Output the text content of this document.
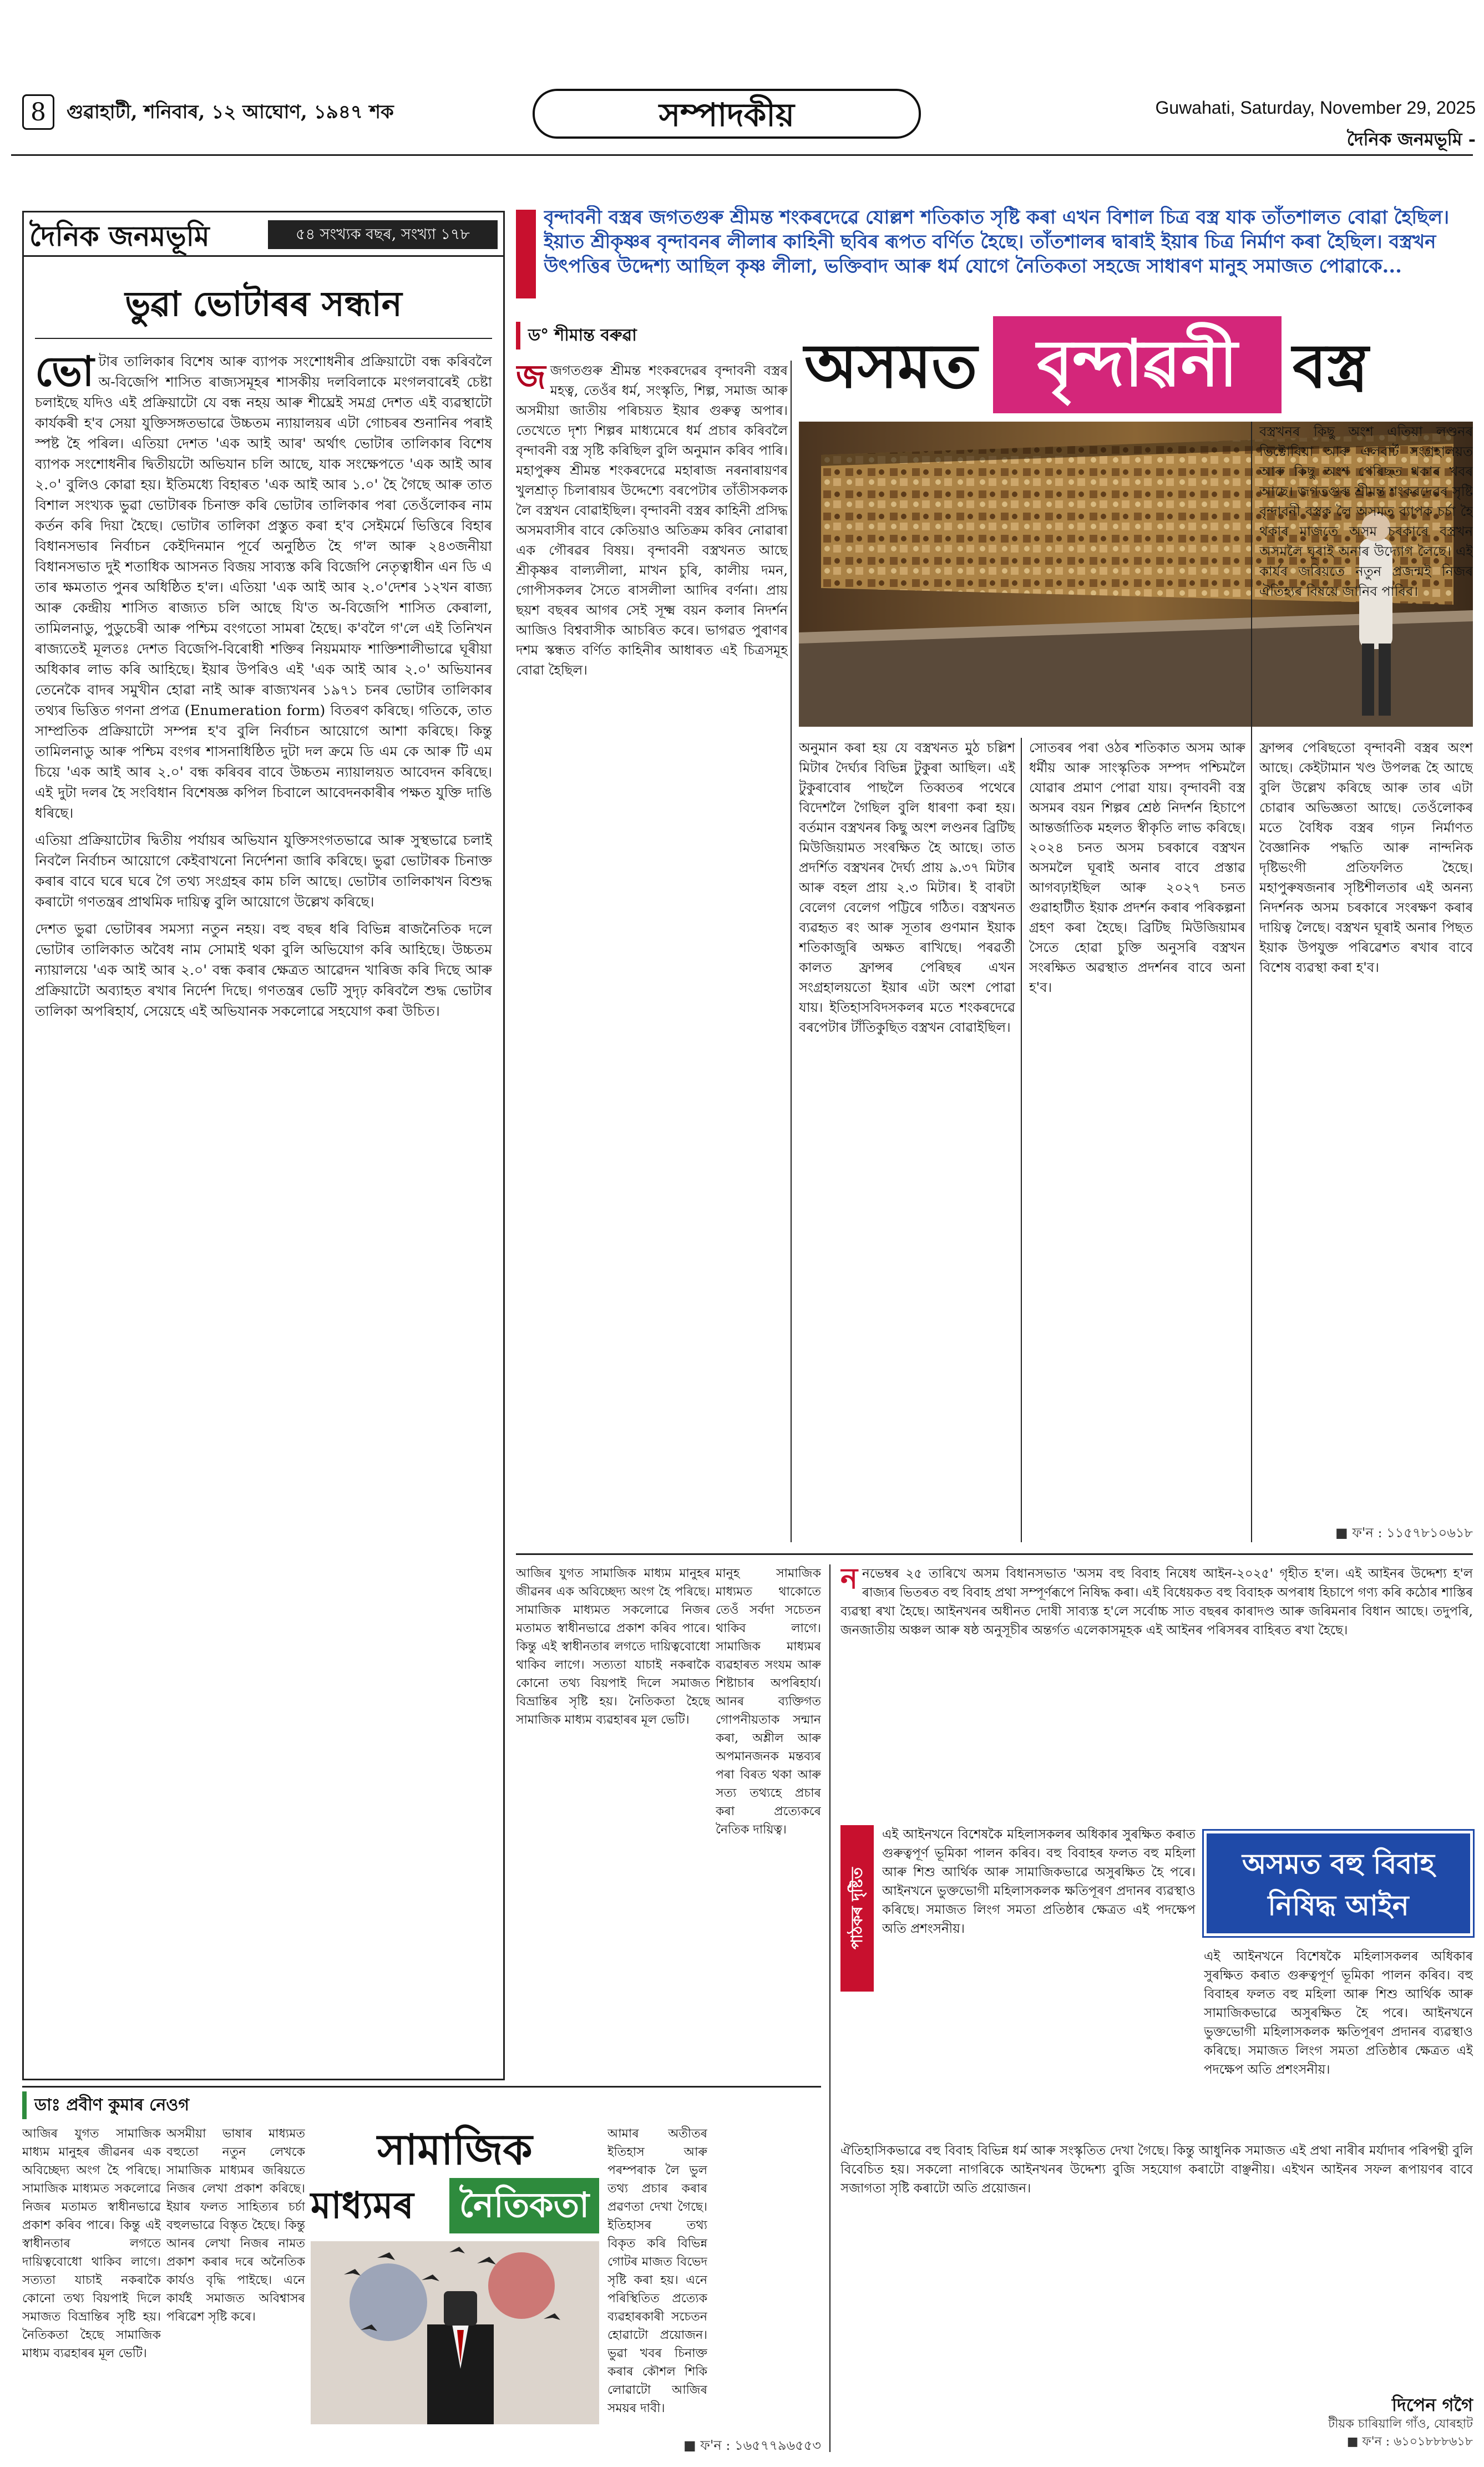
8	গুৱাহাটী, শনিবাৰ, ১২ আঘোণ, ১৯৪৭ শক	সম্পাদকীয়	Guwahati, Saturday, November 29, 2025
দৈনিক জনমভূমি -
দৈনিক জনমভূমি	৫৪ সংখ্যক বছৰ, সংখ্যা ১৭৮
ভুৱা ভোটাৰৰ সন্ধান
ভো টাৰ তালিকাৰ বিশেষ আৰু ব্যাপক সংশোধনীৰ প্ৰক্ৰিয়াটো বন্ধ কৰিবলৈ অ-বিজেপি শাসিত ৰাজ্যসমূহৰ শাসকীয় দলবিলাকে মংগলবাৰেই চেষ্টা চলাইছে যদিও এই প্ৰক্ৰিয়াটো যে বন্ধ নহয় আৰু শীঘ্ৰেই সমগ্ৰ দেশত এই ব্যৱস্থাটো কাৰ্যকৰী হ'ব সেয়া যুক্তিসঙ্গতভাৱে উচ্চতম ন্যায়ালয়ৰ এটা গোচৰৰ শুনানিৰ পৰাই স্পষ্ট হৈ পৰিল। এতিয়া দেশত 'এক আই আৰ' অৰ্থাৎ ভোটাৰ তালিকাৰ বিশেষ ব্যাপক সংশোধনীৰ দ্বিতীয়টো অভিযান চলি আছে, যাক সংক্ষেপতে 'এক আই আৰ ২.০' বুলিও কোৱা হয়। ইতিমধ্যে বিহাৰত 'এক আই আৰ ১.০' হৈ গৈছে আৰু তাত বিশাল সংখ্যক ভুৱা ভোটাৰক চিনাক্ত কৰি ভোটাৰ তালিকাৰ পৰা তেওঁলোকৰ নাম কৰ্তন কৰি দিয়া হৈছে। ভোটাৰ তালিকা প্ৰস্তুত কৰা হ'ব সেইমৰ্মে ভিত্তিৰে বিহাৰ বিধানসভাৰ নিৰ্বাচন কেইদিনমান পূৰ্বে অনুষ্ঠিত হৈ গ'ল আৰু ২৪৩জনীয়া বিধানসভাত দুই শতাধিক আসনত বিজয় সাব্যস্ত কৰি বিজেপি নেতৃত্বাধীন এন ডি এ তাৰ ক্ষমতাত পুনৰ অধিষ্ঠিত হ'ল। এতিয়া 'এক আই আৰ ২.০'দেশৰ ১২খন ৰাজ্য আৰু কেন্দ্ৰীয় শাসিত ৰাজ্যত চলি আছে যি'ত অ-বিজেপি শাসিত কেৰালা, তামিলনাডু, পুডুচেৰী আৰু পশ্চিম বংগতো সামৰা হৈছে। ক'বলৈ গ'লে এই তিনিখন ৰাজ্যতেই মূলতঃ দেশত বিজেপি-বিৰোধী শক্তিৰ নিয়মমাফ শাক্তিশালীভাৱে ঘূৰীয়া অধিকাৰ লাভ কৰি আহিছে। ইয়াৰ উপৰিও এই 'এক আই আৰ ২.০' অভিযানৰ তেনেকৈ বাদৰ সমুখীন হোৱা নাই আৰু ৰাজ্যখনৰ ১৯৭১ চনৰ ভোটাৰ তালিকাৰ তথ্যৰ ভিত্তিত গণনা প্ৰপত্ৰ (Enumeration form) বিতৰণ কৰিছে। গতিকে, তাত সাম্প্ৰতিক প্ৰক্ৰিয়াটো সম্পন্ন হ'ব বুলি নিৰ্বাচন আয়োগে আশা কৰিছে। কিন্তু তামিলনাডু আৰু পশ্চিম বংগৰ শাসনাধিষ্ঠিত দুটা দল ক্ৰমে ডি এম কে আৰু টি এম চিয়ে 'এক আই আৰ ২.০' বন্ধ কৰিবৰ বাবে উচ্চতম ন্যায়ালয়ত আবেদন কৰিছে। এই দুটা দলৰ হৈ সংবিধান বিশেষজ্ঞ কপিল চিবালে আবেদনকাৰীৰ পক্ষত যুক্তি দাঙি ধৰিছে।

এতিয়া প্ৰক্ৰিয়াটোৰ দ্বিতীয় পৰ্যায়ৰ অভিযান যুক্তিসংগতভাৱে আৰু সুস্থভাৱে চলাই নিবলৈ নিৰ্বাচন আয়োগে কেইবাখনো নিৰ্দেশনা জাৰি কৰিছে। ভুৱা ভোটাৰক চিনাক্ত কৰাৰ বাবে ঘৰে ঘৰে গৈ তথ্য সংগ্ৰহৰ কাম চলি আছে। ভোটাৰ তালিকাখন বিশুদ্ধ কৰাটো গণতন্ত্ৰৰ প্ৰাথমিক দায়িত্ব বুলি আয়োগে উল্লেখ কৰিছে।

দেশত ভুৱা ভোটাৰৰ সমস্যা নতুন নহয়। বহু বছৰ ধৰি বিভিন্ন ৰাজনৈতিক দলে ভোটাৰ তালিকাত অবৈধ নাম সোমাই থকা বুলি অভিযোগ কৰি আহিছে। উচ্চতম ন্যায়ালয়ে 'এক আই আৰ ২.০' বন্ধ কৰাৰ ক্ষেত্ৰত আৱেদন খাৰিজ কৰি দিছে আৰু প্ৰক্ৰিয়াটো অব্যাহত ৰখাৰ নিৰ্দেশ দিছে। গণতন্ত্ৰৰ ভেটি সুদৃঢ় কৰিবলৈ শুদ্ধ ভোটাৰ তালিকা অপৰিহাৰ্য, সেয়েহে এই অভিযানক সকলোৱে সহযোগ কৰা উচিত।

বৃন্দাবনী বস্ত্ৰৰ জগতগুৰু শ্ৰীমন্ত শংকৰদেৱে যোল্লশ শতিকাত সৃষ্টি কৰা এখন বিশাল চিত্ৰ বস্ত্ৰ যাক তাঁতশালত বোৱা হৈছিল। ইয়াত শ্ৰীকৃষ্ণৰ বৃন্দাবনৰ লীলাৰ কাহিনী ছবিৰ ৰূপত বৰ্ণিত হৈছে। তাঁতশালৰ দ্বাৰাই ইয়াৰ চিত্ৰ নিৰ্মাণ কৰা হৈছিল। বস্ত্ৰখন উৎপত্তিৰ উদ্দেশ্য আছিল কৃষ্ণ লীলা, ভক্তিবাদ আৰু ধৰ্ম যোগে নৈতিকতা সহজে সাধাৰণ মানুহ সমাজত পোৱাকে...
ড° শীমান্ত বৰুৱা	অসমত বৃন্দাৱনী বস্ত্ৰ
জজগতগুৰু শ্ৰীমন্ত শংকৰদেৱৰ বৃন্দাবনী বস্ত্ৰৰ মহত্ব, তেওঁৰ ধৰ্ম, সংস্কৃতি, শিল্প, সমাজ আৰু অসমীয়া জাতীয় পৰিচয়ত ইয়াৰ গুৰুত্ব অপাৰ। তেখেতে দৃশ্য শিল্পৰ মাধ্যমেৰে ধৰ্ম প্ৰচাৰ কৰিবলৈ বৃন্দাবনী বস্ত্ৰ সৃষ্টি কৰিছিল বুলি অনুমান কৰিব পাৰি। মহাপুৰুষ শ্ৰীমন্ত শংকৰদেৱে মহাৰাজ নৰনাৰায়ণৰ খুলশ্ৰাতৃ চিলাৰায়ৰ উদ্দেশ্যে বৰপেটাৰ তাঁতীসকলক লৈ বস্ত্ৰখন বোৱাইছিল। বৃন্দাবনী বস্ত্ৰৰ কাহিনী প্ৰসিদ্ধ অসমবাসীৰ বাবে কেতিয়াও অতিক্ৰম কৰিব নোৱাৰা এক গৌৰৱৰ বিষয়। বৃন্দাবনী বস্ত্ৰখনত আছে শ্ৰীকৃষ্ণৰ বাল্যলীলা, মাখন চুৰি, কালীয় দমন, গোপীসকলৰ সৈতে ৰাসলীলা আদিৰ বৰ্ণনা। প্ৰায় ছয়শ বছৰৰ আগৰ সেই সূক্ষ্ম বয়ন কলাৰ নিদৰ্শন আজিও বিশ্ববাসীক আচৰিত কৰে। ভাগৱত পুৰাণৰ দশম স্কন্ধত বৰ্ণিত কাহিনীৰ আধাৰত এই চিত্ৰসমূহ বোৱা হৈছিল।
অনুমান কৰা হয় যে বস্ত্ৰখনত মুঠ চল্লিশ মিটাৰ দৈৰ্ঘ্যৰ বিভিন্ন টুকুৰা আছিল। এই টুকুৰাবোৰ পাছলৈ তিব্বতৰ পথেৰে বিদেশলৈ গৈছিল বুলি ধাৰণা কৰা হয়। বৰ্তমান বস্ত্ৰখনৰ কিছু অংশ লণ্ডনৰ ব্ৰিটিছ মিউজিয়ামত সংৰক্ষিত হৈ আছে। তাত প্ৰদৰ্শিত বস্ত্ৰখনৰ দৈৰ্ঘ্য প্ৰায় ৯.৩৭ মিটাৰ আৰু বহল প্ৰায় ২.৩ মিটাৰ। ই বাৰটা বেলেগ বেলেগ পট্টিৰে গঠিত। বস্ত্ৰখনত ব্যৱহৃত ৰং আৰু সূতাৰ গুণমান ইয়াক শতিকাজুৰি অক্ষত ৰাখিছে। পৰৱৰ্তী কালত ফ্ৰান্সৰ পেৰিছৰ এখন সংগ্ৰহালয়তো ইয়াৰ এটা অংশ পোৱা যায়। ইতিহাসবিদসকলৰ মতে শংকৰদেৱে বৰপেটাৰ টাঁতিকুছিত বস্ত্ৰখন বোৱাইছিল।
সোতৰৰ পৰা ওঠৰ শতিকাত অসম আৰু ধৰ্মীয় আৰু সাংস্কৃতিক সম্পদ পশ্চিমলৈ যোৱাৰ প্ৰমাণ পোৱা যায়। বৃন্দাবনী বস্ত্ৰ অসমৰ বয়ন শিল্পৰ শ্ৰেষ্ঠ নিদৰ্শন হিচাপে আন্তৰ্জাতিক মহলত স্বীকৃতি লাভ কৰিছে। ২০২৪ চনত অসম চৰকাৰে বস্ত্ৰখন অসমলৈ ঘূৰাই অনাৰ বাবে প্ৰস্তাৱ আগবঢ়াইছিল আৰু ২০২৭ চনত গুৱাহাটীত ইয়াক প্ৰদৰ্শন কৰাৰ পৰিকল্পনা গ্ৰহণ কৰা হৈছে। ব্ৰিটিছ মিউজিয়ামৰ সৈতে হোৱা চুক্তি অনুসৰি বস্ত্ৰখন সংৰক্ষিত অৱস্থাত প্ৰদৰ্শনৰ বাবে অনা হ'ব।
বস্ত্ৰখনৰ কিছু অংশ এতিয়া লণ্ডনৰ ভিক্টোৰিয়া আৰু এলবাৰ্ট সংগ্ৰহালয়ত আৰু কিছু অংশ পেৰিছত থকাৰ খবৰ আছে। জগতগুৰু শ্ৰীমন্ত শংকৰদেৱৰ সৃষ্টি বৃন্দাবনী বস্ত্ৰক লৈ অসমত ব্যাপক চৰ্চা হৈ থকাৰ মাজতে অসম চৰকাৰে বস্ত্ৰখন অসমলৈ ঘূৰাই অনাৰ উদ্যোগ লৈছে। এই কাৰ্যৰ জৰিয়তে নতুন প্ৰজন্মই নিজৰ ঐতিহ্যৰ বিষয়ে জানিব পাৰিব।
ফ্ৰান্সৰ পেৰিছতো বৃন্দাবনী বস্ত্ৰৰ অংশ আছে। কেইটামান খণ্ড উপলব্ধ হৈ আছে বুলি উল্লেখ কৰিছে আৰু তাৰ এটা চোৱাৰ অভিজ্ঞতা আছে। তেওঁলোকৰ মতে বৈধিক বস্ত্ৰৰ গঢ়ন নিৰ্মাণত বৈজ্ঞানিক পদ্ধতি আৰু নান্দনিক দৃষ্টিভংগী প্ৰতিফলিত হৈছে। মহাপুৰুষজনাৰ সৃষ্টিশীলতাৰ এই অনন্য নিদৰ্শনক অসম চৰকাৰে সংৰক্ষণ কৰাৰ দায়িত্ব লৈছে। বস্ত্ৰখন ঘূৰাই অনাৰ পিছত ইয়াক উপযুক্ত পৰিৱেশত ৰখাৰ বাবে বিশেষ ব্যৱস্থা কৰা হ'ব।
■ ফ'ন : ১১৫৭৮১০৬১৮
ডাঃ প্ৰবীণ কুমাৰ নেওগ
সামাজিক
মাধ্যমৰ	নৈতিকতা
আজিৰ যুগত সামাজিক মাধ্যম মানুহৰ জীৱনৰ এক অবিচ্ছেদ্য অংগ হৈ পৰিছে। সামাজিক মাধ্যমত সকলোৱে নিজৰ মতামত স্বাধীনভাৱে প্ৰকাশ কৰিব পাৰে। কিন্তু এই স্বাধীনতাৰ লগতে দায়িত্ববোধো থাকিব লাগে। সত্যতা যাচাই নকৰাকৈ কোনো তথ্য বিয়পাই দিলে সমাজত বিভ্ৰান্তিৰ সৃষ্টি হয়। নৈতিকতা হৈছে সামাজিক মাধ্যম ব্যৱহাৰৰ মূল ভেটি।
অসমীয়া ভাষাৰ মাধ্যমত বহুতো নতুন লেখকে সামাজিক মাধ্যমৰ জৰিয়তে নিজৰ লেখা প্ৰকাশ কৰিছে। ইয়াৰ ফলত সাহিত্যৰ চৰ্চা বহুলভাৱে বিস্তৃত হৈছে। কিন্তু আনৰ লেখা নিজৰ নামত প্ৰকাশ কৰাৰ দৰে অনৈতিক কাৰ্যও বৃদ্ধি পাইছে। এনে কাৰ্যই সমাজত অবিশ্বাসৰ পৰিৱেশ সৃষ্টি কৰে।
আমাৰ অতীতৰ ইতিহাস আৰু পৰম্পৰাক লৈ ভুল তথ্য প্ৰচাৰ কৰাৰ প্ৰৱণতা দেখা গৈছে। ইতিহাসৰ তথ্য বিকৃত কৰি বিভিন্ন গোটৰ মাজত বিভেদ সৃষ্টি কৰা হয়। এনে পৰিস্থিতিত প্ৰত্যেক ব্যৱহাৰকাৰী সচেতন হোৱাটো প্ৰয়োজন। ভুৱা খবৰ চিনাক্ত কৰাৰ কৌশল শিকি লোৱাটো আজিৰ সময়ৰ দাবী।
মানুহ সামাজিক মাধ্যমত থাকোতে তেওঁ সৰ্বদা সচেতন থাকিব লাগে। সামাজিক মাধ্যমৰ ব্যৱহাৰত সংযম আৰু শিষ্টাচাৰ অপৰিহাৰ্য। আনৰ ব্যক্তিগত গোপনীয়তাক সন্মান কৰা, অশ্লীল আৰু অপমানজনক মন্তব্যৰ পৰা বিৰত থকা আৰু সত্য তথ্যহে প্ৰচাৰ কৰা প্ৰত্যেকৰে নৈতিক দায়িত্ব।
আজিৰ যুগত সামাজিক মাধ্যম মানুহৰ জীৱনৰ এক অবিচ্ছেদ্য অংগ হৈ পৰিছে। সামাজিক মাধ্যমত সকলোৱে নিজৰ মতামত স্বাধীনভাৱে প্ৰকাশ কৰিব পাৰে। কিন্তু এই স্বাধীনতাৰ লগতে দায়িত্ববোধো থাকিব লাগে। সত্যতা যাচাই নকৰাকৈ কোনো তথ্য বিয়পাই দিলে সমাজত বিভ্ৰান্তিৰ সৃষ্টি হয়। নৈতিকতা হৈছে সামাজিক মাধ্যম ব্যৱহাৰৰ মূল ভেটি।
■ ফ'ন : ১৬৫৭৭৯৬৫৫৩
পাঠকৰ দৃষ্টিত
ননভেম্বৰ ২৫ তাৰিখে অসম বিধানসভাত 'অসম বহু বিবাহ নিষেধ আইন-২০২৫' গৃহীত হ'ল। এই আইনৰ উদ্দেশ্য হ'ল ৰাজ্যৰ ভিতৰত বহু বিবাহ প্ৰথা সম্পূৰ্ণৰূপে নিষিদ্ধ কৰা। এই বিধেয়কত বহু বিবাহক অপৰাধ হিচাপে গণ্য কৰি কঠোৰ শাস্তিৰ ব্যৱস্থা ৰখা হৈছে। আইনখনৰ অধীনত দোষী সাব্যস্ত হ'লে সৰ্বোচ্চ সাত বছৰৰ কাৰাদণ্ড আৰু জৰিমনাৰ বিধান আছে। তদুপৰি, জনজাতীয় অঞ্চল আৰু ষষ্ঠ অনুসূচীৰ অন্তৰ্গত এলেকাসমূহক এই আইনৰ পৰিসৰৰ বাহিৰত ৰখা হৈছে।
অসমত বহু বিবাহ
নিষিদ্ধ আইন
এই আইনখনে বিশেষকৈ মহিলাসকলৰ অধিকাৰ সুৰক্ষিত কৰাত গুৰুত্বপূৰ্ণ ভূমিকা পালন কৰিব। বহু বিবাহৰ ফলত বহু মহিলা আৰু শিশু আৰ্থিক আৰু সামাজিকভাৱে অসুৰক্ষিত হৈ পৰে। আইনখনে ভুক্তভোগী মহিলাসকলক ক্ষতিপূৰণ প্ৰদানৰ ব্যৱস্থাও কৰিছে। সমাজত লিংগ সমতা প্ৰতিষ্ঠাৰ ক্ষেত্ৰত এই পদক্ষেপ অতি প্ৰশংসনীয়।
এই আইনখনে বিশেষকৈ মহিলাসকলৰ অধিকাৰ সুৰক্ষিত কৰাত গুৰুত্বপূৰ্ণ ভূমিকা পালন কৰিব। বহু বিবাহৰ ফলত বহু মহিলা আৰু শিশু আৰ্থিক আৰু সামাজিকভাৱে অসুৰক্ষিত হৈ পৰে। আইনখনে ভুক্তভোগী মহিলাসকলক ক্ষতিপূৰণ প্ৰদানৰ ব্যৱস্থাও কৰিছে। সমাজত লিংগ সমতা প্ৰতিষ্ঠাৰ ক্ষেত্ৰত এই পদক্ষেপ অতি প্ৰশংসনীয়।
ঐতিহাসিকভাৱে বহু বিবাহ বিভিন্ন ধৰ্ম আৰু সংস্কৃতিত দেখা গৈছে। কিন্তু আধুনিক সমাজত এই প্ৰথা নাৰীৰ মৰ্যাদাৰ পৰিপন্থী বুলি বিবেচিত হয়। সকলো নাগৰিকে আইনখনৰ উদ্দেশ্য বুজি সহযোগ কৰাটো বাঞ্ছনীয়। এইখন আইনৰ সফল ৰূপায়ণৰ বাবে সজাগতা সৃষ্টি কৰাটো অতি প্ৰয়োজন।
দিপেন গগৈ
টীয়ক চাৰিয়ালি গাঁও, যোৰহাট
■ ফ'ন : ৬১০১৮৮৮৬১৮
